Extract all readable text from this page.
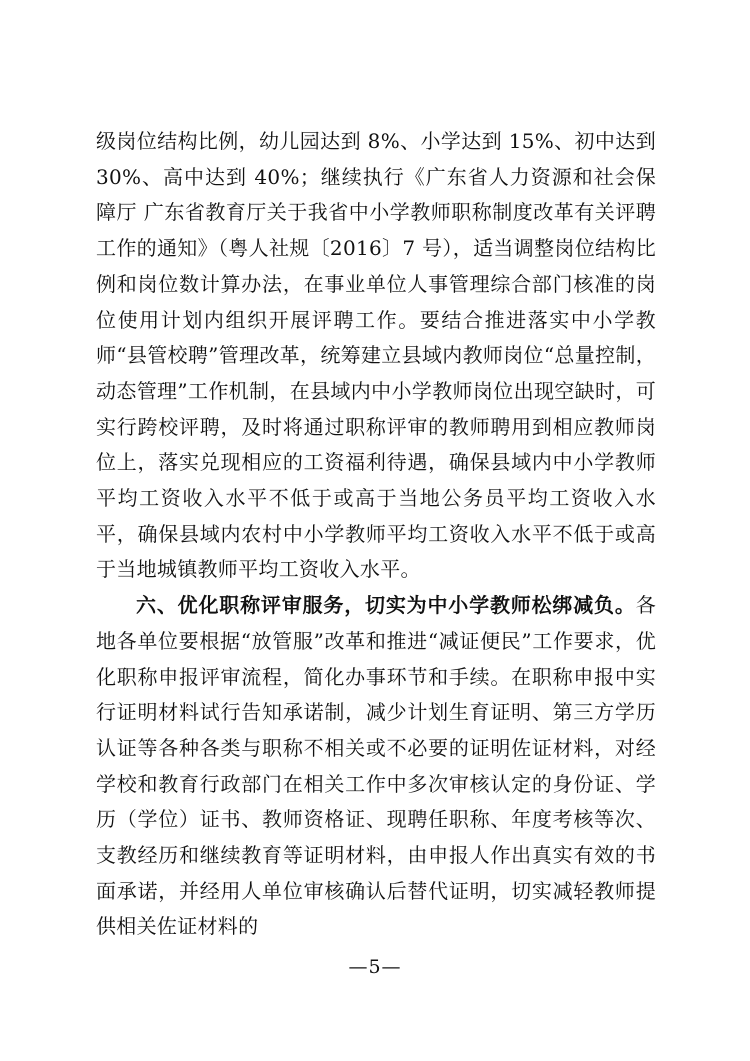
级岗位结构比例，幼儿园达到 8%、小学达到 15%、初中达到 30%、高中达到 40%；继续执行《广东省人力资源和社会保障厅 广东省教育厅关于我省中小学教师职称制度改革有关评聘工作的通知》（粤人社规〔2016〕7 号），适当调整岗位结构比例和岗位数计算办法，在事业单位人事管理综合部门核准的岗位使用计划内组织开展评聘工作。要结合推进落实中小学教师“县管校聘”管理改革，统筹建立县域内教师岗位“总量控制，动态管理”工作机制，在县域内中小学教师岗位出现空缺时，可实行跨校评聘，及时将通过职称评审的教师聘用到相应教师岗位上，落实兑现相应的工资福利待遇，确保县域内中小学教师平均工资收入水平不低于或高于当地公务员平均工资收入水平，确保县域内农村中小学教师平均工资收入水平不低于或高于当地城镇教师平均工资收入水平。

六、优化职称评审服务，切实为中小学教师松绑减负。各地各单位要根据“放管服”改革和推进“减证便民”工作要求，优化职称申报评审流程，简化办事环节和手续。在职称申报中实行证明材料试行告知承诺制，减少计划生育证明、第三方学历认证等各种各类与职称不相关或不必要的证明佐证材料，对经学校和教育行政部门在相关工作中多次审核认定的身份证、学历（学位）证书、教师资格证、现聘任职称、年度考核等次、支教经历和继续教育等证明材料，由申报人作出真实有效的书面承诺，并经用人单位审核确认后替代证明，切实减轻教师提供相关佐证材料的

—5—
